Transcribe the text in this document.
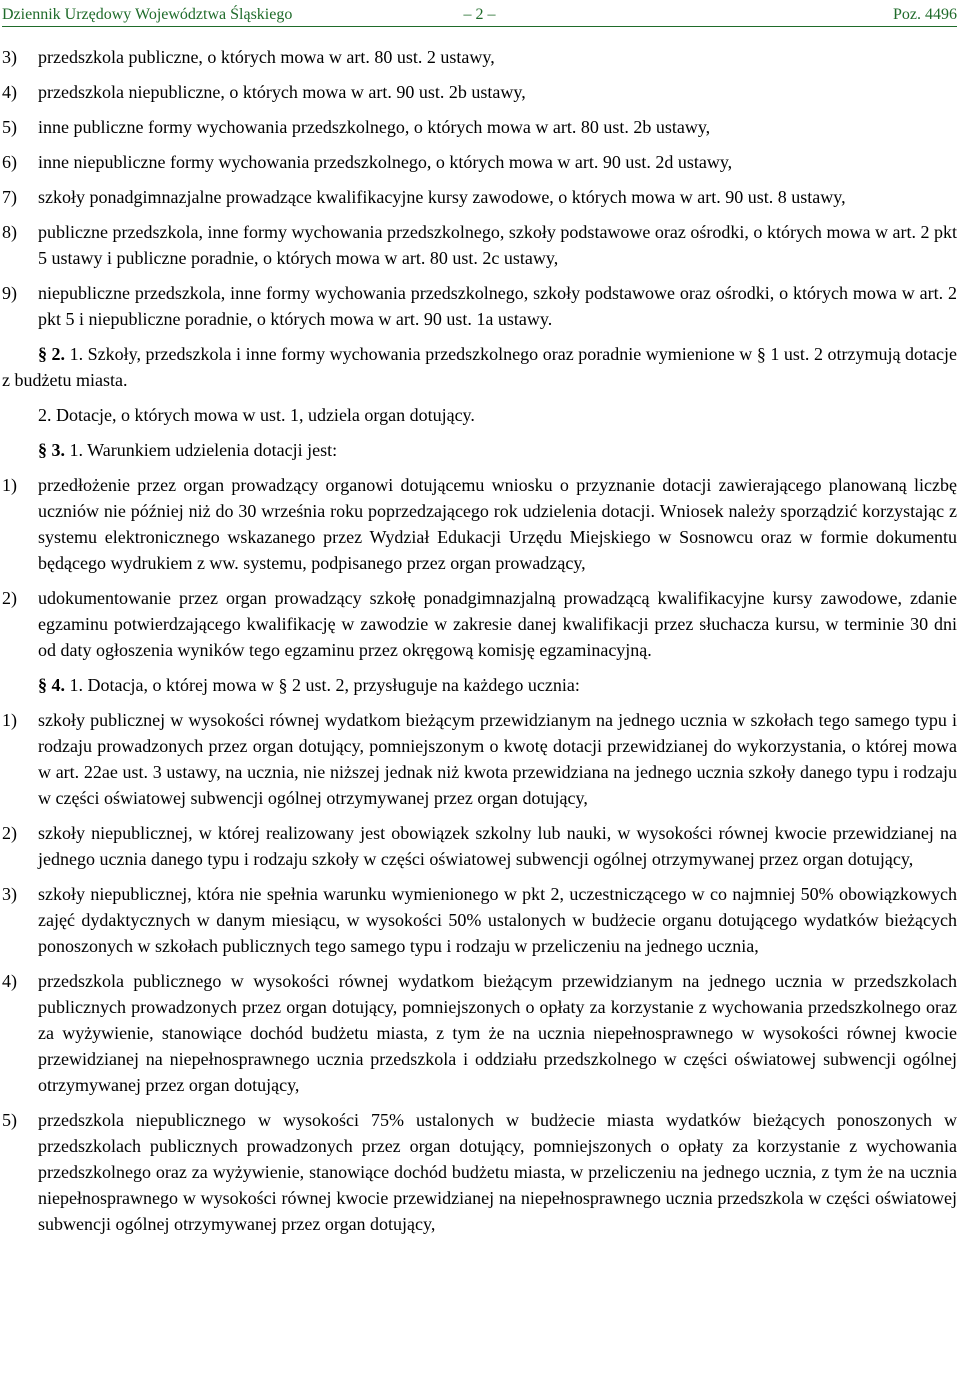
Dziennik Urzędowy Województwa Śląskiego	– 2 –	Poz. 4496
3)	przedszkola publiczne, o których mowa w art. 80 ust. 2 ustawy,
4)	przedszkola niepubliczne, o których mowa w art. 90 ust. 2b ustawy,
5)	inne publiczne formy wychowania przedszkolnego, o których mowa w art. 80 ust. 2b ustawy,
6)	inne niepubliczne formy wychowania przedszkolnego, o których mowa w art. 90 ust. 2d ustawy,
7)	szkoły ponadgimnazjalne prowadzące kwalifikacyjne kursy zawodowe, o których mowa w art. 90 ust. 8 ustawy,
8)	publiczne przedszkola, inne formy wychowania przedszkolnego, szkoły podstawowe oraz ośrodki, o których mowa w art. 2 pkt 5 ustawy i publiczne poradnie, o których mowa w art. 80 ust. 2c ustawy,
9)	niepubliczne przedszkola, inne formy wychowania przedszkolnego, szkoły podstawowe oraz ośrodki, o których mowa w art. 2 pkt 5 i niepubliczne poradnie, o których mowa w art. 90 ust. 1a ustawy.
§ 2. 1. Szkoły, przedszkola i inne formy wychowania przedszkolnego oraz poradnie wymienione w § 1 ust. 2 otrzymują dotacje z budżetu miasta.
2. Dotacje, o których mowa w ust. 1, udziela organ dotujący.
§ 3. 1. Warunkiem udzielenia dotacji jest:
1)	przedłożenie przez organ prowadzący organowi dotującemu wniosku o przyznanie dotacji zawierającego planowaną liczbę uczniów nie później niż do 30 września roku poprzedzającego rok udzielenia dotacji. Wniosek należy sporządzić korzystając z systemu elektronicznego wskazanego przez Wydział Edukacji Urzędu Miejskiego w Sosnowcu oraz w formie dokumentu będącego wydrukiem z ww. systemu, podpisanego przez organ prowadzący,
2)	udokumentowanie przez organ prowadzący szkołę ponadgimnazjalną prowadzącą kwalifikacyjne kursy zawodowe, zdanie egzaminu potwierdzającego kwalifikację w zawodzie w zakresie danej kwalifikacji przez słuchacza kursu, w terminie 30 dni od daty ogłoszenia wyników tego egzaminu przez okręgową komisję egzaminacyjną.
§ 4. 1. Dotacja, o której mowa w § 2 ust. 2, przysługuje na każdego ucznia:
1)	szkoły publicznej w wysokości równej wydatkom bieżącym przewidzianym na jednego ucznia w szkołach tego samego typu i rodzaju prowadzonych przez organ dotujący, pomniejszonym o kwotę dotacji przewidzianej do wykorzystania, o której mowa w art. 22ae ust. 3 ustawy, na ucznia, nie niższej jednak niż kwota przewidziana na jednego ucznia szkoły danego typu i rodzaju w części oświatowej subwencji ogólnej otrzymywanej przez organ dotujący,
2)	szkoły niepublicznej, w której realizowany jest obowiązek szkolny lub nauki, w wysokości równej kwocie przewidzianej na jednego ucznia danego typu i rodzaju szkoły w części oświatowej subwencji ogólnej otrzymywanej przez organ dotujący,
3)	szkoły niepublicznej, która nie spełnia warunku wymienionego w pkt 2, uczestniczącego w co najmniej 50% obowiązkowych zajęć dydaktycznych w danym miesiącu, w wysokości 50% ustalonych w budżecie organu dotującego wydatków bieżących ponoszonych w szkołach publicznych tego samego typu i rodzaju w przeliczeniu na jednego ucznia,
4)	przedszkola publicznego w wysokości równej wydatkom bieżącym przewidzianym na jednego ucznia w przedszkolach publicznych prowadzonych przez organ dotujący, pomniejszonych o opłaty za korzystanie z wychowania przedszkolnego oraz za wyżywienie, stanowiące dochód budżetu miasta, z tym że na ucznia niepełnosprawnego w wysokości równej kwocie przewidzianej na niepełnosprawnego ucznia przedszkola i oddziału przedszkolnego w części oświatowej subwencji ogólnej otrzymywanej przez organ dotujący,
5)	przedszkola niepublicznego w wysokości 75% ustalonych w budżecie miasta wydatków bieżących ponoszonych w przedszkolach publicznych prowadzonych przez organ dotujący, pomniejszonych o opłaty za korzystanie z wychowania przedszkolnego oraz za wyżywienie, stanowiące dochód budżetu miasta, w przeliczeniu na jednego ucznia, z tym że na ucznia niepełnosprawnego w wysokości równej kwocie przewidzianej na niepełnosprawnego ucznia przedszkola w części oświatowej subwencji ogólnej otrzymywanej przez organ dotujący,
